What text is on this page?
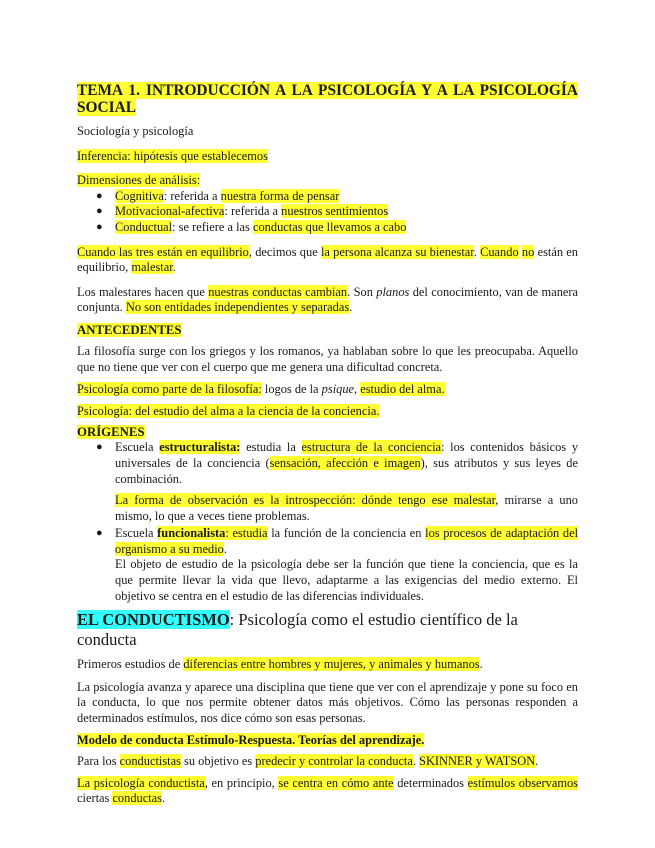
TEMA 1. INTRODUCCIÓN A LA PSICOLOGÍA Y A LA PSICOLOGÍA
SOCIAL

Sociología y psicología

Inferencia: hipótesis que establecemos

Dimensiones de análisis:

● Cognitiva: referida a nuestra forma de pensar
● Motivacional-afectiva: referida a nuestros sentimientos
● Conductual: se refiere a las conductas que llevamos a cabo

Cuando las tres están en equilibrio, decimos que la persona alcanza su bienestar. Cuando no están en equilibrio, malestar.

Los malestares hacen que nuestras conductas cambian. Son planos del conocimiento, van de manera conjunta. No son entidades independientes y separadas.

ANTECEDENTES

La filosofía surge con los griegos y los romanos, ya hablaban sobre lo que les preocupaba. Aquello que no tiene que ver con el cuerpo que me genera una dificultad concreta.

Psicología como parte de la filosofía: logos de la psique, estudio del alma.

Psicología: del estudio del alma a la ciencia de la conciencia.

ORÍGENES
● Escuela estructuralista: estudia la estructura de la conciencia: los contenidos básicos y universales de la conciencia (sensación, afección e imagen), sus atributos y sus leyes de combinación.

La forma de observación es la introspección: dónde tengo ese malestar, mirarse a uno mismo, lo que a veces tiene problemas.

● Escuela funcionalista: estudia la función de la conciencia en los procesos de adaptación del organismo a su medio.

El objeto de estudio de la psicología debe ser la función que tiene la conciencia, que es la que permite llevar la vida que llevo, adaptarme a las exigencias del medio externo. El objetivo se centra en el estudio de las diferencias individuales.

EL CONDUCTISMO: Psicología como el estudio científico de la conducta

Primeros estudios de diferencias entre hombres y mujeres, y animales y humanos.

La psicología avanza y aparece una disciplina que tiene que ver con el aprendizaje y pone su foco en la conducta, lo que nos permite obtener datos más objetivos. Cómo las personas responden a determinados estímulos, nos dice cómo son esas personas.

Modelo de conducta Estímulo-Respuesta. Teorías del aprendizaje.

Para los conductistas su objetivo es predecir y controlar la conducta. SKINNER y WATSON.

La psicología conductista, en principio, se centra en cómo ante determinados estímulos observamos ciertas conductas.
